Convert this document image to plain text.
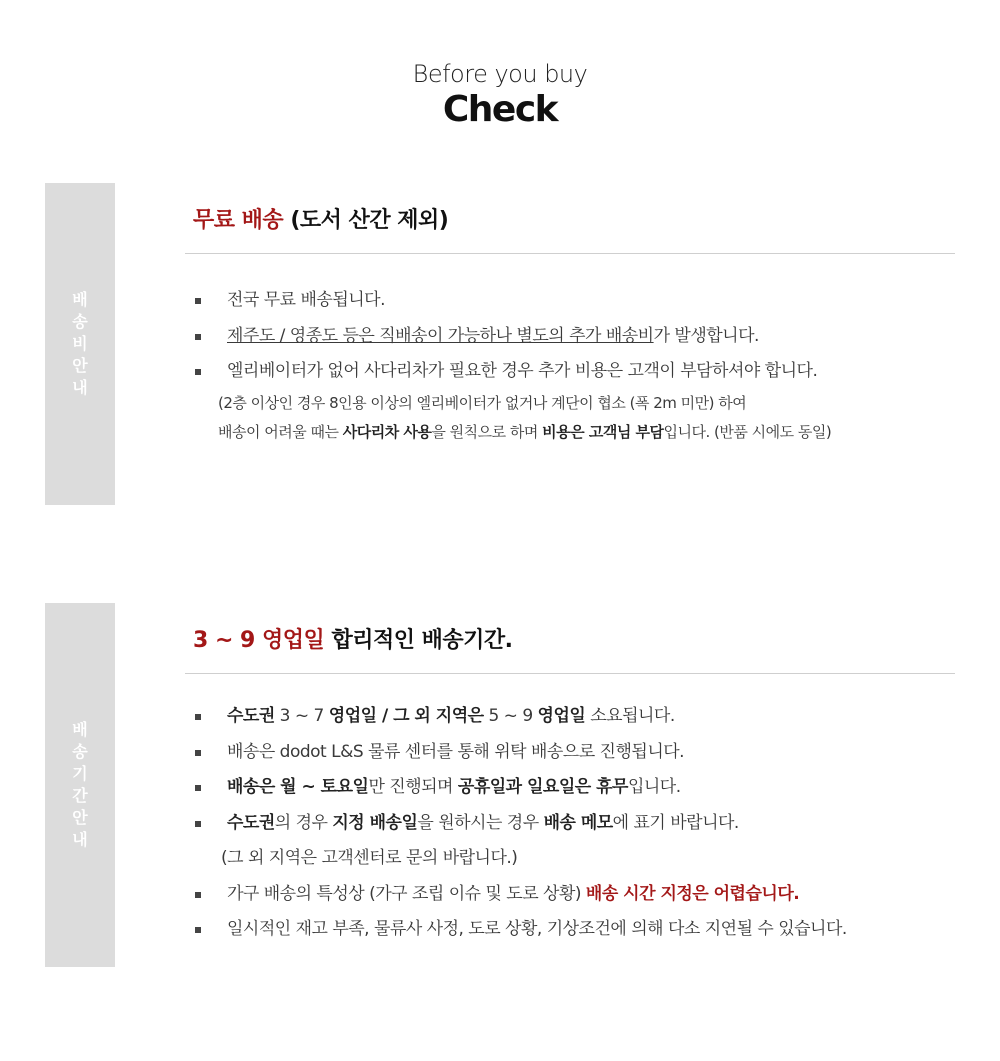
Before you buy
Check
배송비 안내
무료 배송 (도서 산간 제외)
전국 무료 배송됩니다.
제주도 / 영종도 등은 직배송이 가능하나 별도의 추가 배송비가 발생합니다.
엘리베이터가 없어 사다리차가 필요한 경우 추가 비용은 고객이 부담하셔야 합니다.
(2층 이상인 경우 8인용 이상의 엘리베이터가 없거나 계단이 협소 (폭 2m 미만) 하여
배송이 어려울 때는 사다리차 사용을 원칙으로 하며 비용은 고객님 부담입니다. (반품 시에도 동일)
배송기간 안내
3 ~ 9 영업일 합리적인 배송기간.
수도권 3 ~ 7 영업일 / 그 외 지역은 5 ~ 9 영업일 소요됩니다.
배송은 dodot L&S 물류 센터를 통해 위탁 배송으로 진행됩니다.
배송은 월 ~ 토요일만 진행되며 공휴일과 일요일은 휴무입니다.
수도권의 경우 지정 배송일을 원하시는 경우 배송 메모에 표기 바랍니다.
(그 외 지역은 고객센터로 문의 바랍니다.)
가구 배송의 특성상 (가구 조립 이슈 및 도로 상황) 배송 시간 지정은 어렵습니다.
일시적인 재고 부족, 물류사 사정, 도로 상황, 기상조건에 의해 다소 지연될 수 있습니다.
